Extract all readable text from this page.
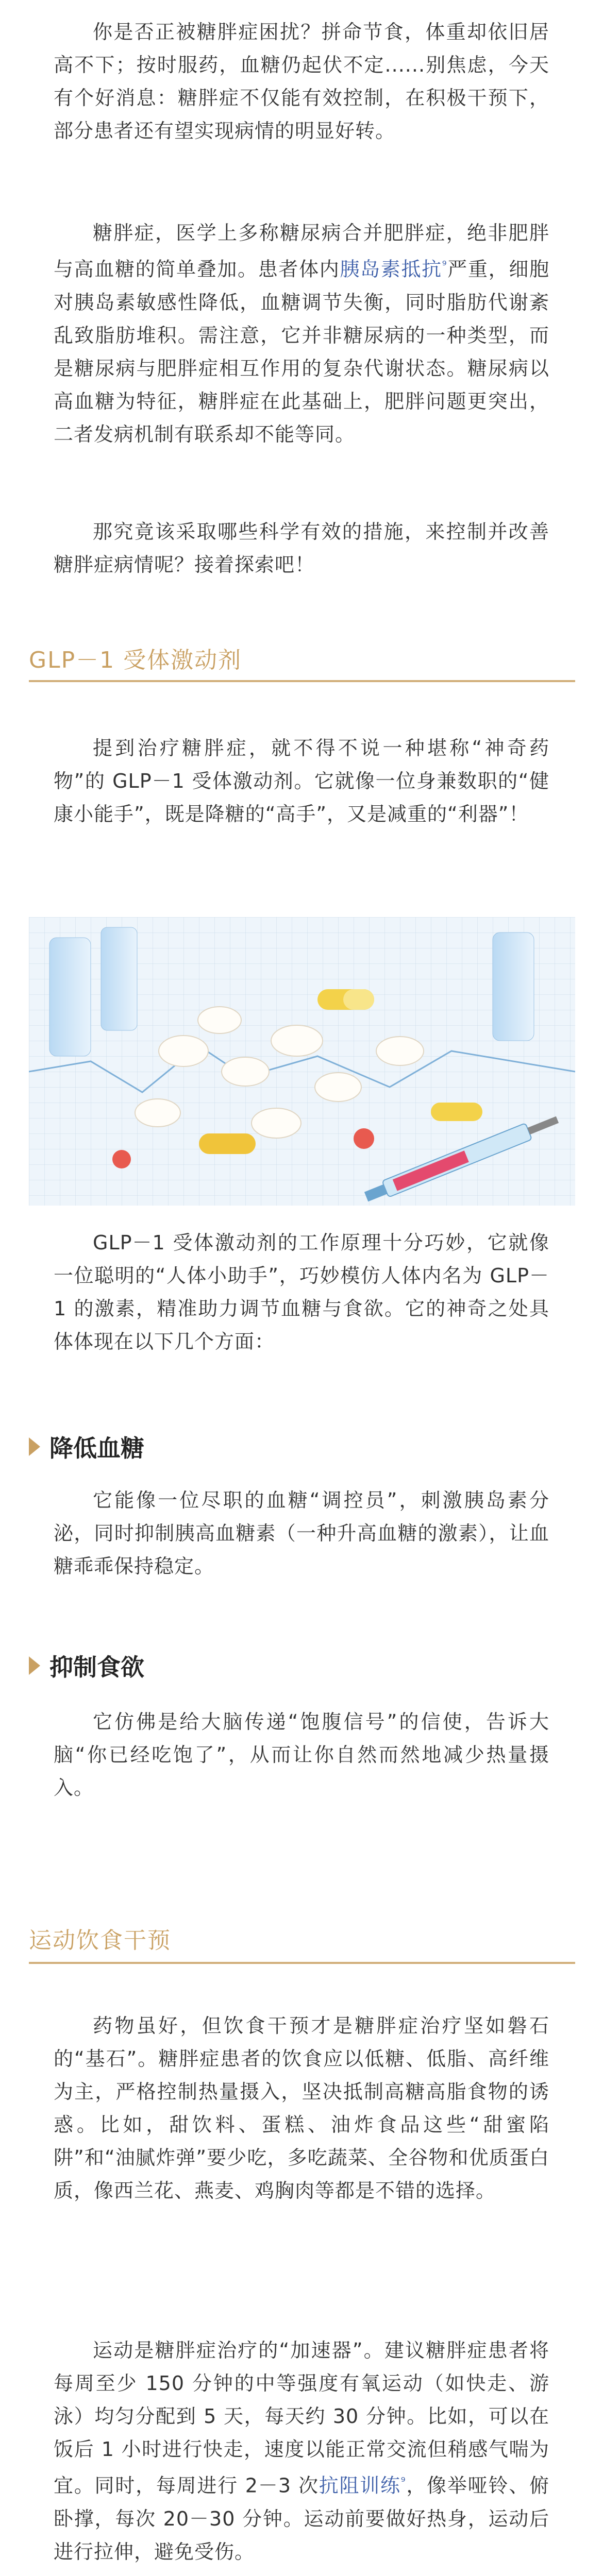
你是否正被糖胖症困扰？拼命节食，体重却依旧居高不下；按时服药，血糖仍起伏不定......别焦虑，今天有个好消息：糖胖症不仅能有效控制，在积极干预下，部分患者还有望实现病情的明显好转。

糖胖症，医学上多称糖尿病合并肥胖症，绝非肥胖与高血糖的简单叠加。患者体内胰岛素抵抗$^{^9}$严重，细胞对胰岛素敏感性降低，血糖调节失衡，同时脂肪代谢紊乱致脂肪堆积。需注意，它并非糖尿病的一种类型，而是糖尿病与肥胖症相互作用的复杂代谢状态。糖尿病以高血糖为特征，糖胖症在此基础上，肥胖问题更突出，二者发病机制有联系却不能等同。

那究竟该采取哪些科学有效的措施，来控制并改善糖胖症病情呢？接着探索吧！

GLP－1 受体激动剂

提到治疗糖胖症，就不得不说一种堪称“神奇药物”的 GLP－1 受体激动剂。它就像一位身兼数职的“健康小能手”，既是降糖的“高手”，又是减重的“利器”！

GLP－1 受体激动剂的工作原理十分巧妙，它就像一位聪明的“人体小助手”，巧妙模仿人体内名为 GLP－1 的激素，精准助力调节血糖与食欲。它的神奇之处具体体现在以下几个方面：

降低血糖

它能像一位尽职的血糖“调控员”，刺激胰岛素分泌，同时抑制胰高血糖素（一种升高血糖的激素），让血糖乖乖保持稳定。

抑制食欲

它仿佛是给大脑传递“饱腹信号”的信使，告诉大脑“你已经吃饱了”，从而让你自然而然地减少热量摄入。

运动饮食干预

药物虽好，但饮食干预才是糖胖症治疗坚如磐石的“基石”。糖胖症患者的饮食应以低糖、低脂、高纤维为主，严格控制热量摄入，坚决抵制高糖高脂食物的诱惑。比如，甜饮料、蛋糕、油炸食品这些“甜蜜陷阱”和“油腻炸弹”要少吃，多吃蔬菜、全谷物和优质蛋白质，像西兰花、燕麦、鸡胸肉等都是不错的选择。

运动是糖胖症治疗的“加速器”。建议糖胖症患者将每周至少 150 分钟的中等强度有氧运动（如快走、游泳）均匀分配到 5 天，每天约 30 分钟。比如，可以在饭后 1 小时进行快走，速度以能正常交流但稍感气喘为宜。同时，每周进行 2－3 次抗阻训练$^{^9}$，像举哑铃、俯卧撑，每次 20－30 分钟。运动前要做好热身，运动后进行拉伸，避免受伤。
